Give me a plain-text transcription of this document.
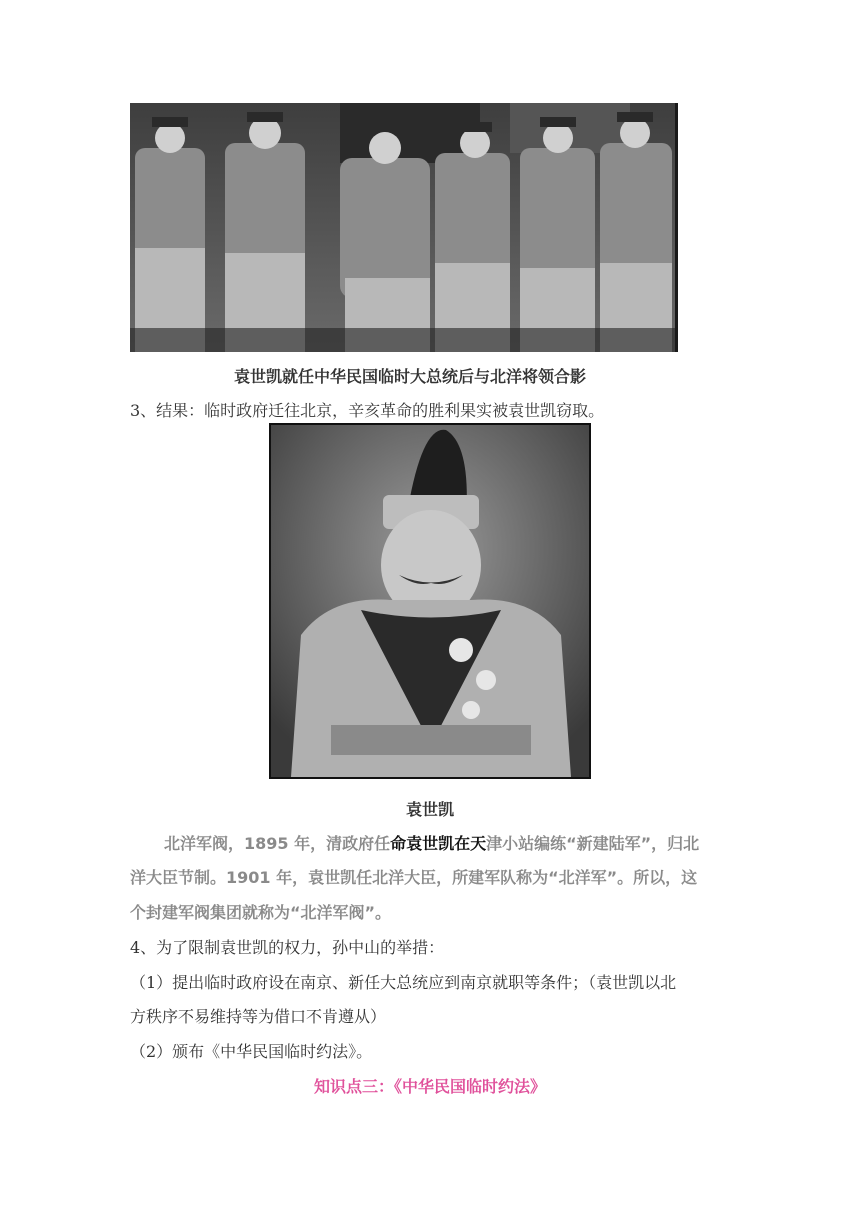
袁世凯就任中华民国临时大总统后与北洋将领合影
3、结果：临时政府迁往北京，辛亥革命的胜利果实被袁世凯窃取。
袁世凯
北洋军阀，1895 年，清政府任命袁世凯在天津小站编练“新建陆军”，归北
洋大臣节制。1901 年，袁世凯任北洋大臣，所建军队称为“北洋军”。所以，这
个封建军阀集团就称为“北洋军阀”。
4、为了限制袁世凯的权力，孙中山的举措：
（1）提出临时政府设在南京、新任大总统应到南京就职等条件；（袁世凯以北
方秩序不易维持等为借口不肯遵从）
（2）颁布《中华民国临时约法》。
知识点三：《中华民国临时约法》
